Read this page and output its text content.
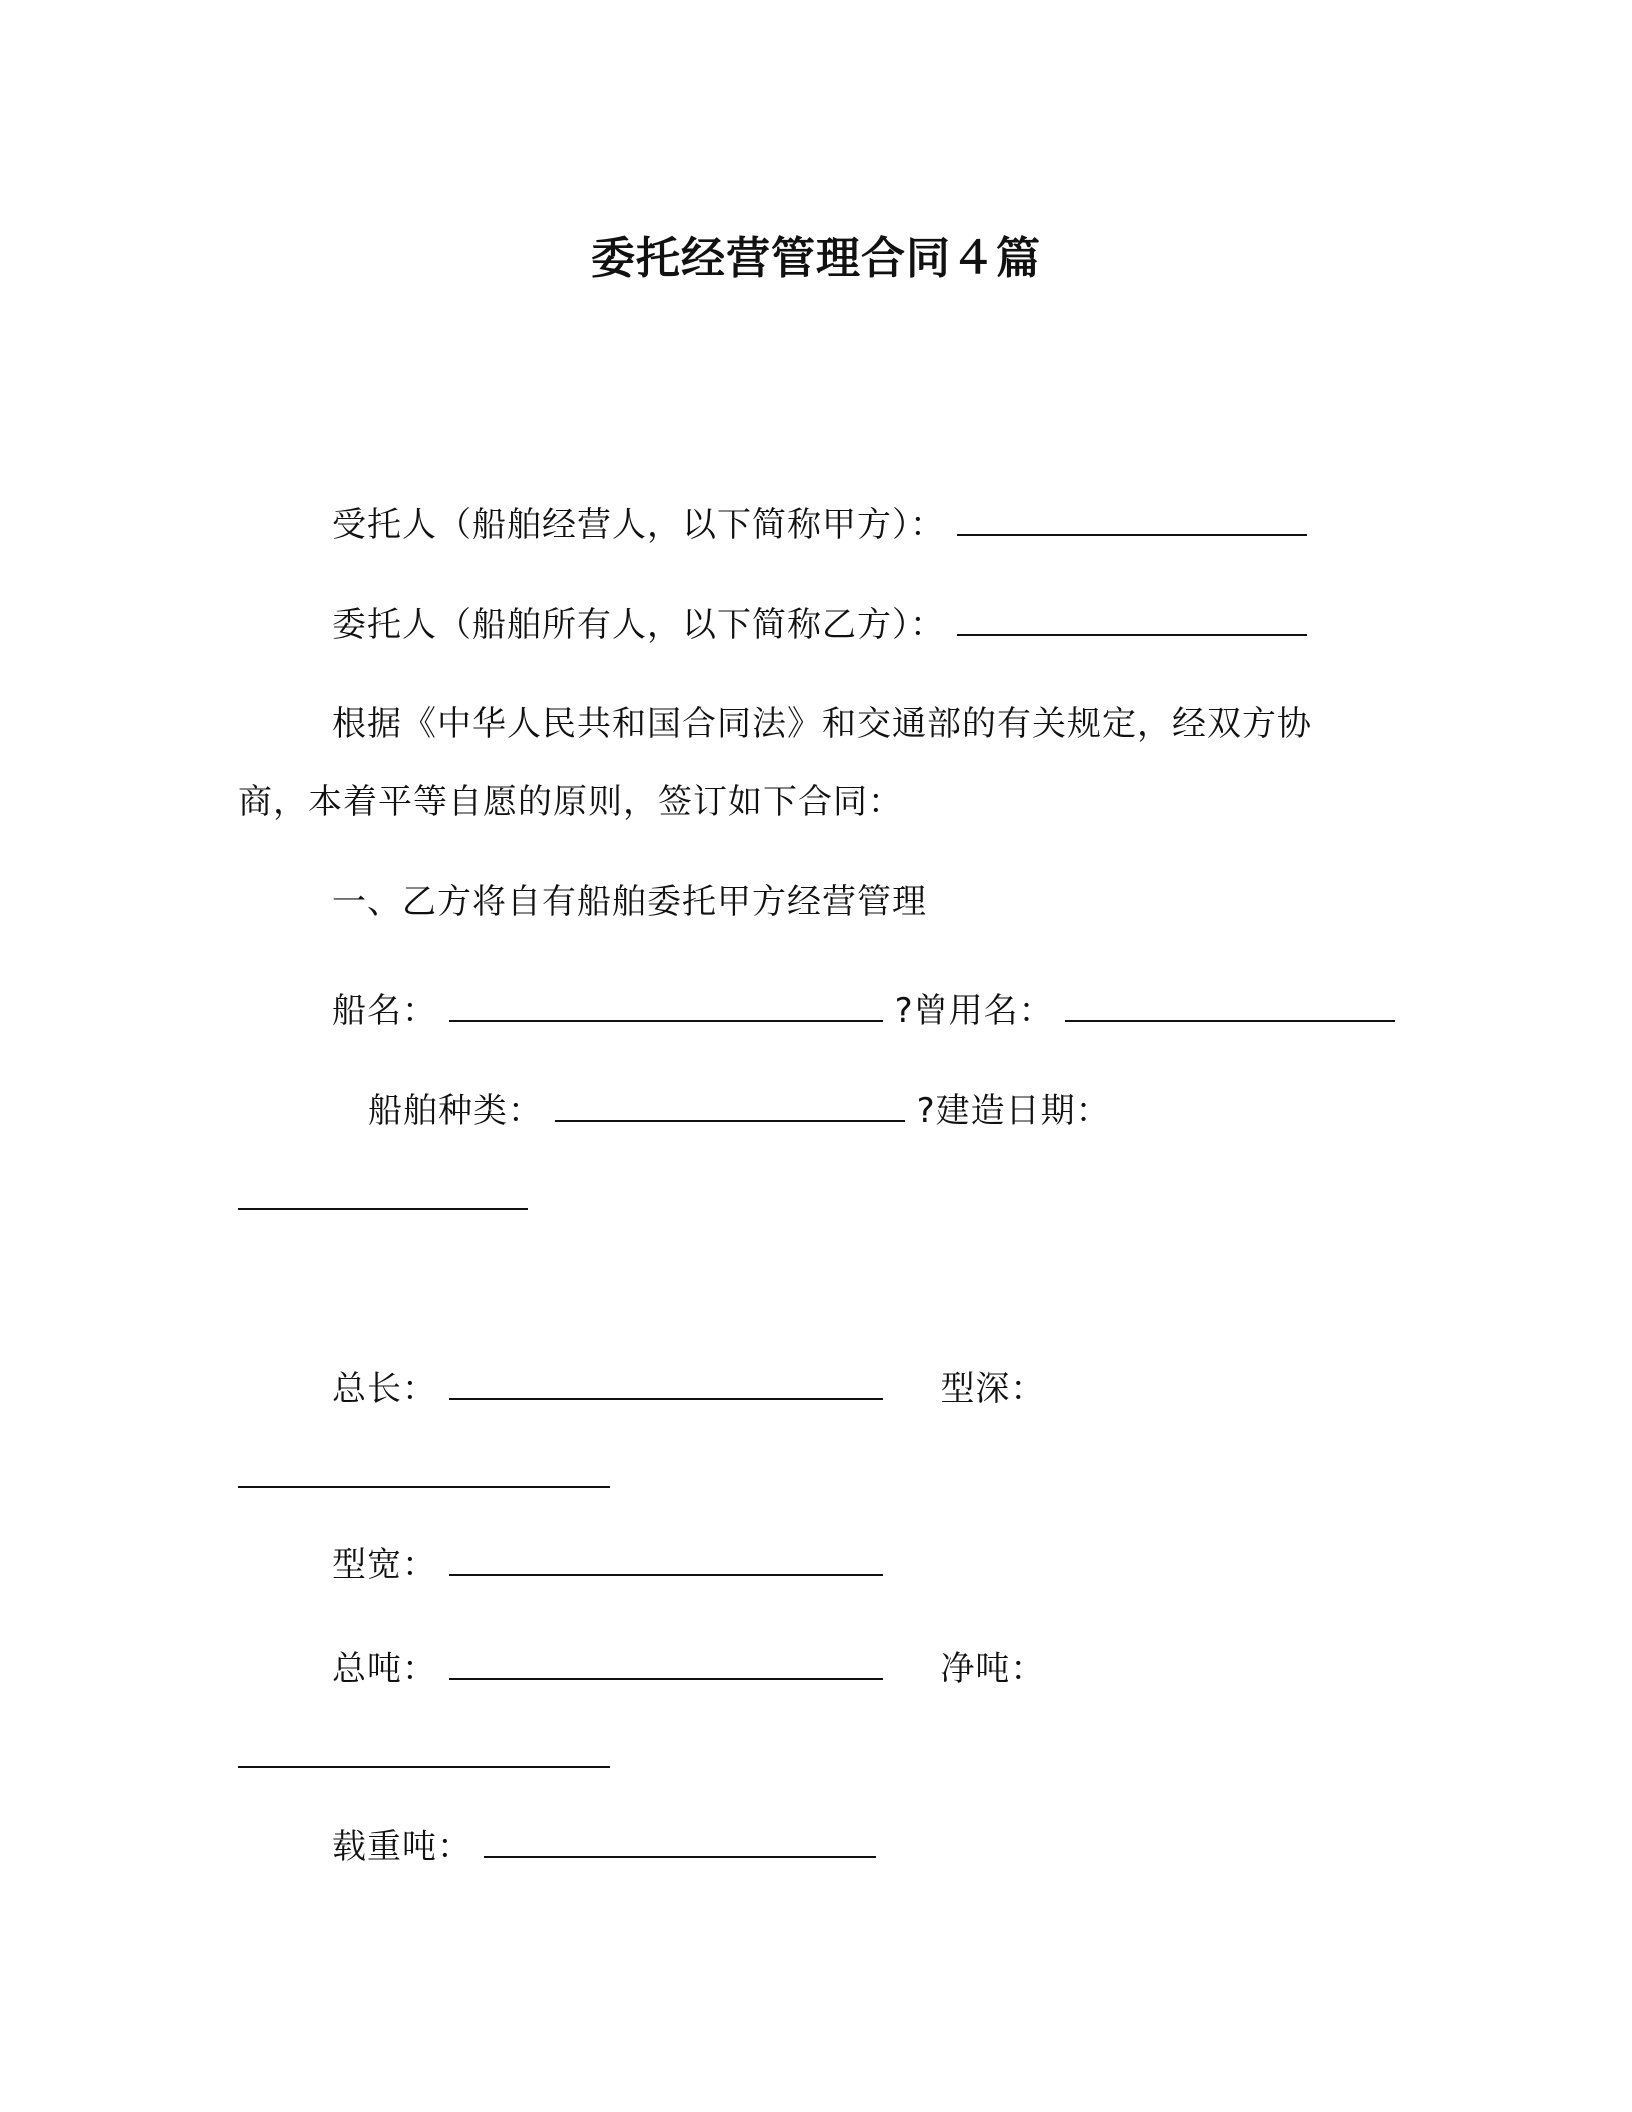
委托经营管理合同４篇
受托人（船舶经营人，以下简称甲方）：
委托人（船舶所有人，以下简称乙方）：
根据《中华人民共和国合同法》和交通部的有关规定，经双方协
商，本着平等自愿的原则，签订如下合同：
一、乙方将自有船舶委托甲方经营管理
船名：	?曾用名：
船舶种类：	?建造日期：
总长：	型深：
型宽：
总吨：	净吨：
载重吨：
